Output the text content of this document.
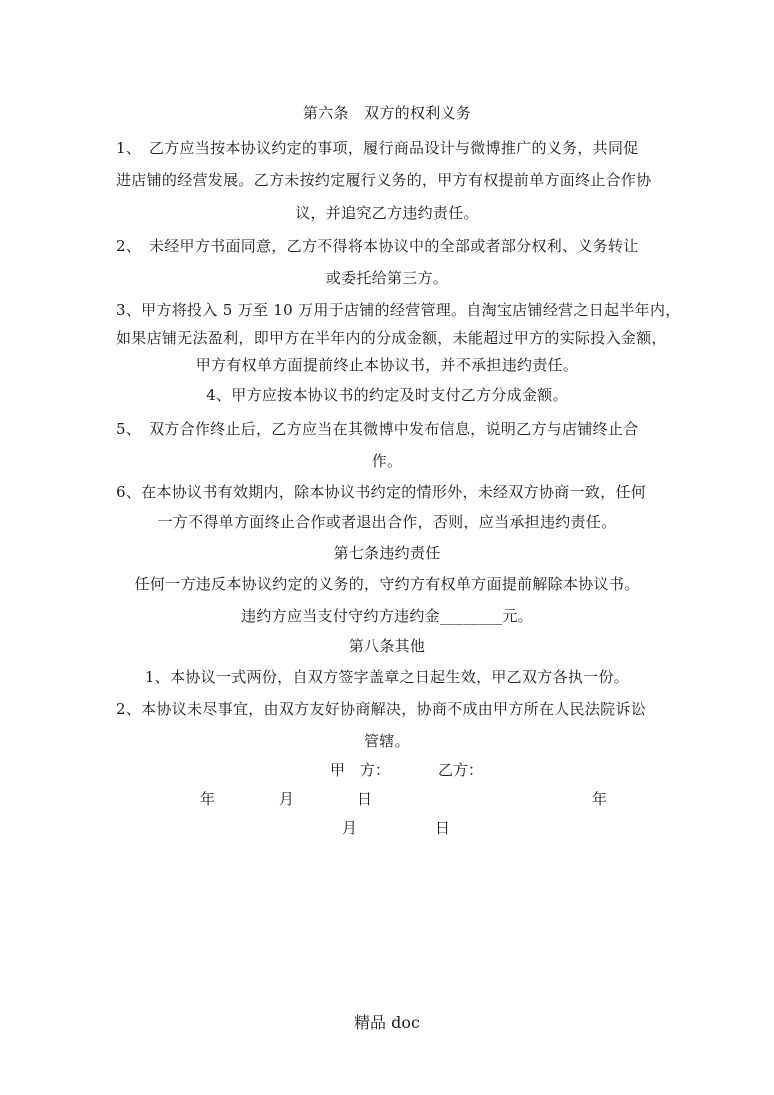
第六条　双方的权利义务
1、　乙方应当按本协议约定的事项，履行商品设计与微博推广的义务，共同促
进店铺的经营发展。乙方未按约定履行义务的，甲方有权提前单方面终止合作协
议，并追究乙方违约责任。
2、　未经甲方书面同意，乙方不得将本协议中的全部或者部分权利、义务转让
或委托给第三方。
3、甲方将投入 5 万至 10 万用于店铺的经营管理。自淘宝店铺经营之日起半年内，
如果店铺无法盈利，即甲方在半年内的分成金额，未能超过甲方的实际投入金额，
甲方有权单方面提前终止本协议书，并不承担违约责任。
4、甲方应按本协议书的约定及时支付乙方分成金额。
5、　双方合作终止后，乙方应当在其微博中发布信息，说明乙方与店铺终止合
作。
6、在本协议书有效期内，除本协议书约定的情形外，未经双方协商一致，任何
一方不得单方面终止合作或者退出合作，否则，应当承担违约责任。
第七条违约责任
任何一方违反本协议约定的义务的，守约方有权单方面提前解除本协议书。
违约方应当支付守约方违约金________元。
第八条其他
1、本协议一式两份，自双方签字盖章之日起生效，甲乙双方各执一份。
2、本协议未尽事宜，由双方友好协商解决，协商不成由甲方所在人民法院诉讼
管辖。
甲　方：	乙方：
年	月	日	年
月	日
精品 doc
